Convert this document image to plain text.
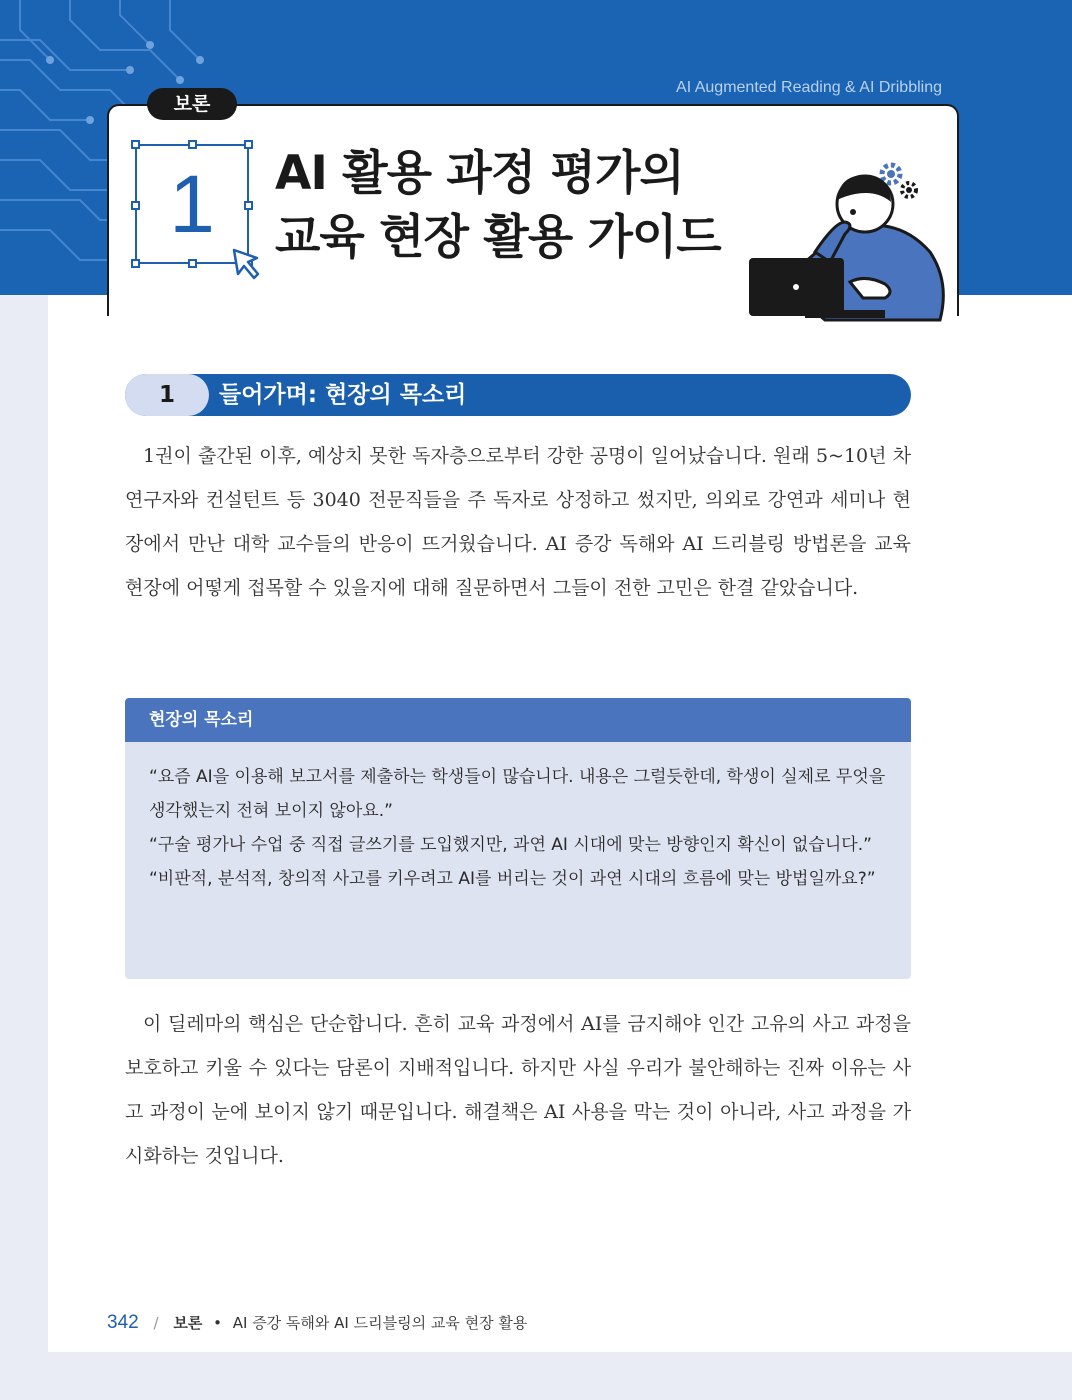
AI Augmented Reading & AI Dribbling
보론
1	AI 활용 과정 평가의
교육 현장 활용 가이드
1	들어가며: 현장의 목소리

1권이 출간된 이후, 예상치 못한 독자층으로부터 강한 공명이 일어났습니다. 원래 5~10년 차 연구자와 컨설턴트 등 3040 전문직들을 주 독자로 상정하고 썼지만, 의외로 강연과 세미나 현장에서 만난 대학 교수들의 반응이 뜨거웠습니다. AI 증강 독해와 AI 드리블링 방법론을 교육 현장에 어떻게 접목할 수 있을지에 대해 질문하면서 그들이 전한 고민은 한결 같았습니다.

현장의 목소리

“요즘 AI을 이용해 보고서를 제출하는 학생들이 많습니다. 내용은 그럴듯한데, 학생이 실제로 무엇을 생각했는지 전혀 보이지 않아요.”

“구술 평가나 수업 중 직접 글쓰기를 도입했지만, 과연 AI 시대에 맞는 방향인지 확신이 없습니다.”

“비판적, 분석적, 창의적 사고를 키우려고 AI를 버리는 것이 과연 시대의 흐름에 맞는 방법일까요?”

이 딜레마의 핵심은 단순합니다. 흔히 교육 과정에서 AI를 금지해야 인간 고유의 사고 과정을 보호하고 키울 수 있다는 담론이 지배적입니다. 하지만 사실 우리가 불안해하는 진짜 이유는 사고 과정이 눈에 보이지 않기 때문입니다. 해결책은 AI 사용을 막는 것이 아니라, 사고 과정을 가시화하는 것입니다.

342 / 보론 • AI 증강 독해와 AI 드리블링의 교육 현장 활용
